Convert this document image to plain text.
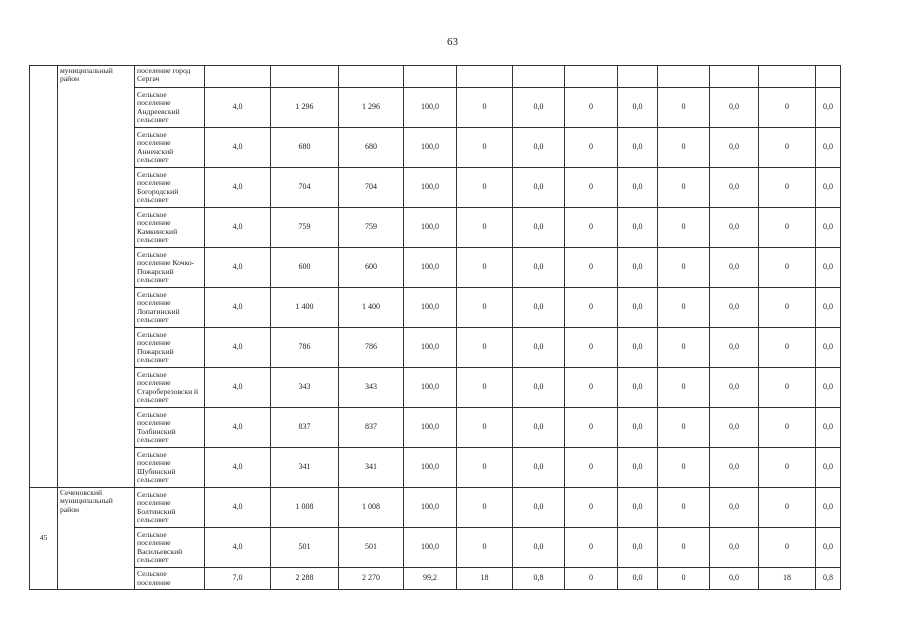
63
	муниципальный район	поселение город Сергач												
		Сельское поселение Андреевский сельсовет	4,0	1 296	1 296	100,0	0	0,0	0	0,0	0	0,0	0	0,0
		Сельское поселение Анненский сельсовет	4,0	680	680	100,0	0	0,0	0	0,0	0	0,0	0	0,0
		Сельское поселение Богородский сельсовет	4,0	704	704	100,0	0	0,0	0	0,0	0	0,0	0	0,0
		Сельское поселение Камкинский сельсовет	4,0	759	759	100,0	0	0,0	0	0,0	0	0,0	0	0,0
		Сельское поселение Кочко-Пожарский сельсовет	4,0	600	600	100,0	0	0,0	0	0,0	0	0,0	0	0,0
		Сельское поселение Лопатинский сельсовет	4,0	1 400	1 400	100,0	0	0,0	0	0,0	0	0,0	0	0,0
		Сельское поселение Пожарский сельсовет	4,0	786	786	100,0	0	0,0	0	0,0	0	0,0	0	0,0
		Сельское поселение Староберезовски й сельсовет	4,0	343	343	100,0	0	0,0	0	0,0	0	0,0	0	0,0
		Сельское поселение Толбинский сельсовет	4,0	837	837	100,0	0	0,0	0	0,0	0	0,0	0	0,0
		Сельское поселение Шубинский сельсовет	4,0	341	341	100,0	0	0,0	0	0,0	0	0,0	0	0,0
45	Сеченовский муниципальный район	Сельское поселение Болтинский сельсовет	4,0	1 008	1 008	100,0	0	0,0	0	0,0	0	0,0	0	0,0
		Сельское поселение Васильевский сельсовет	4,0	501	501	100,0	0	0,0	0	0,0	0	0,0	0	0,0
		Сельское поселение	7,0	2 288	2 270	99,2	18	0,8	0	0,0	0	0,0	18	0,8
